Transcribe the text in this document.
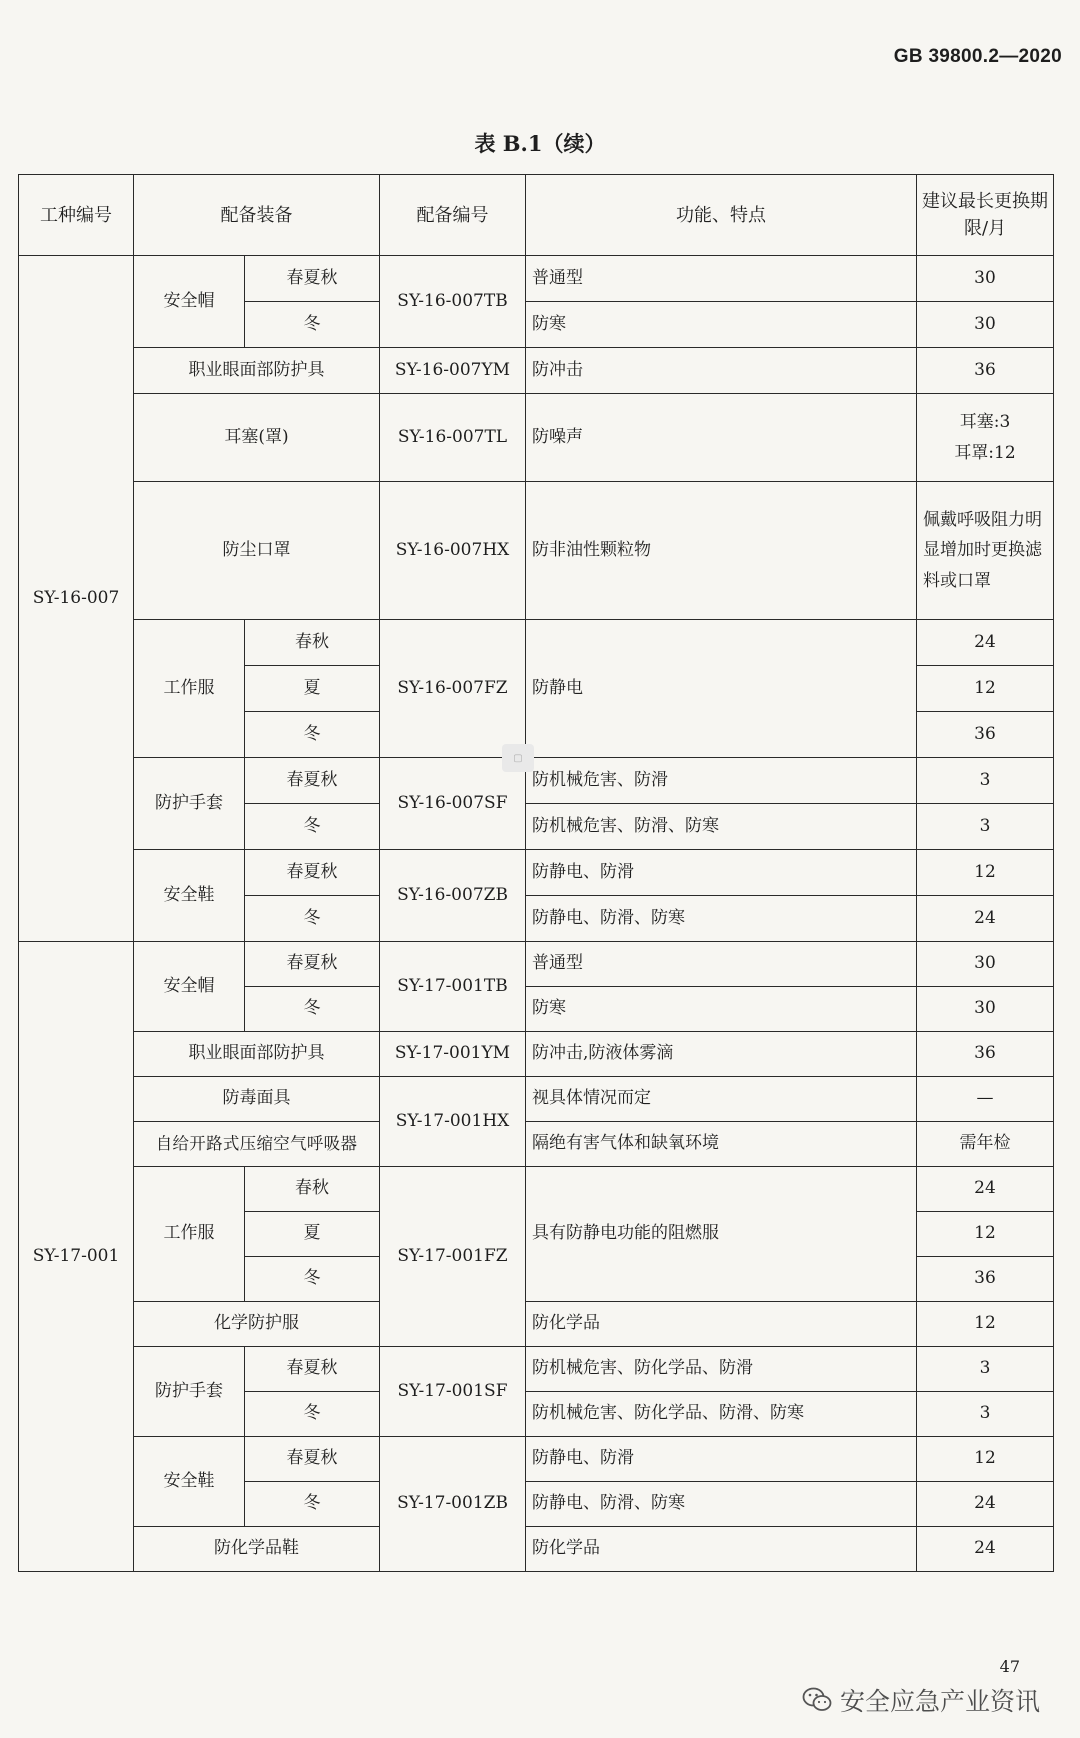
GB 39800.2—2020
表 B.1（续）
工种编号	配备装备		配备编号	功能、特点	建议最长更换期限/月
SY-16-007	安全帽	春夏秋	SY-16-007TB	普通型	30
		冬		防寒	30
	职业眼面部防护具		SY-16-007YM	防冲击	36
	耳塞(罩)		SY-16-007TL	防噪声	耳塞:3
耳罩:12
	防尘口罩		SY-16-007HX	防非油性颗粒物	佩戴呼吸阻力明显增加时更换滤料或口罩
	工作服	春秋	SY-16-007FZ	防静电	24
		夏			12
		冬			36
	防护手套	春夏秋	SY-16-007SF	防机械危害、防滑	3
		冬		防机械危害、防滑、防寒	3
	安全鞋	春夏秋	SY-16-007ZB	防静电、防滑	12
		冬		防静电、防滑、防寒	24
SY-17-001	安全帽	春夏秋	SY-17-001TB	普通型	30
		冬		防寒	30
	职业眼面部防护具		SY-17-001YM	防冲击,防液体雾滴	36
	防毒面具		SY-17-001HX	视具体情况而定	—
	自给开路式压缩空气呼吸器			隔绝有害气体和缺氧环境	需年检
	工作服	春秋	SY-17-001FZ	具有防静电功能的阻燃服	24
		夏			12
		冬			36
	化学防护服			防化学品	12
	防护手套	春夏秋	SY-17-001SF	防机械危害、防化学品、防滑	3
		冬		防机械危害、防化学品、防滑、防寒	3
	安全鞋	春夏秋	SY-17-001ZB	防静电、防滑	12
		冬		防静电、防滑、防寒	24
	防化学品鞋			防化学品	24
▢
47
安全应急产业资讯
